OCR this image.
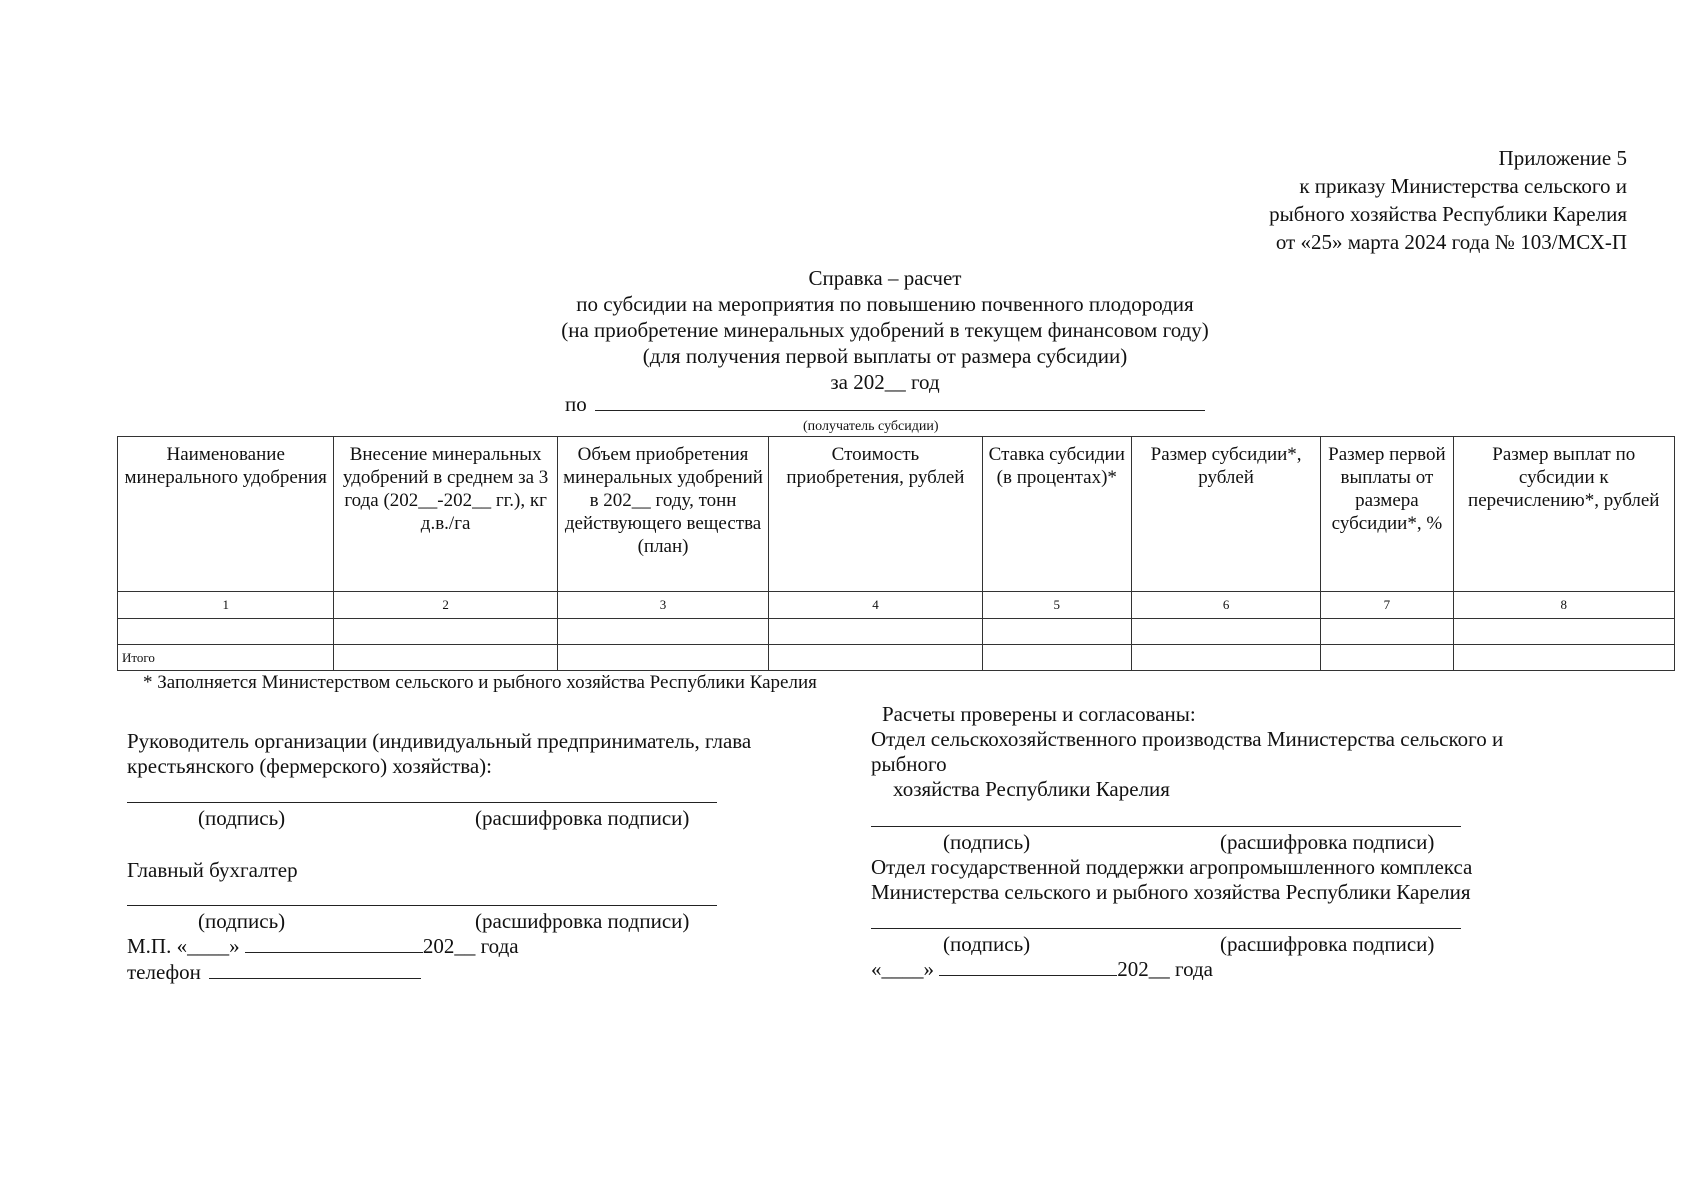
Приложение 5
к приказу Министерства сельского и
рыбного хозяйства Республики Карелия
от «25» марта 2024 года № 103/МСХ-П
Справка – расчет
по субсидии на мероприятия по повышению почвенного плодородия
(на приобретение минеральных удобрений в текущем финансовом году)
(для получения первой выплаты от размера субсидии)
за 202__ год
по
(получатель субсидии)
Наименование минерального удобрения	Внесение минеральных удобрений в среднем за 3 года (202__-202__ гг.), кг д.в./га	Объем приобретения минеральных удобрений в 202__ году, тонн действующего вещества (план)	Стоимость приобретения, рублей	Ставка субсидии (в процентах)*	Размер субсидии*, рублей	Размер первой выплаты от размера субсидии*, %	Размер выплат по субсидии к перечислению*, рублей
1	2	3	4	5	6	7	8

Итого							
* Заполняется Министерством сельского и рыбного хозяйства Республики Карелия
Руководитель организации (индивидуальный предприниматель, глава
крестьянского (фермерского) хозяйства):
(подпись)	(расшифровка подписи)
Главный бухгалтер
(подпись)	(расшифровка подписи)
М.П. «____»	202__ года
телефон
Расчеты проверены и согласованы:
Отдел сельскохозяйственного производства Министерства сельского и
рыбного
хозяйства Республики Карелия
(подпись)	(расшифровка подписи)
Отдел государственной поддержки агропромышленного комплекса
Министерства сельского и рыбного хозяйства Республики Карелия
(подпись)	(расшифровка подписи)
«____»	202__ года
